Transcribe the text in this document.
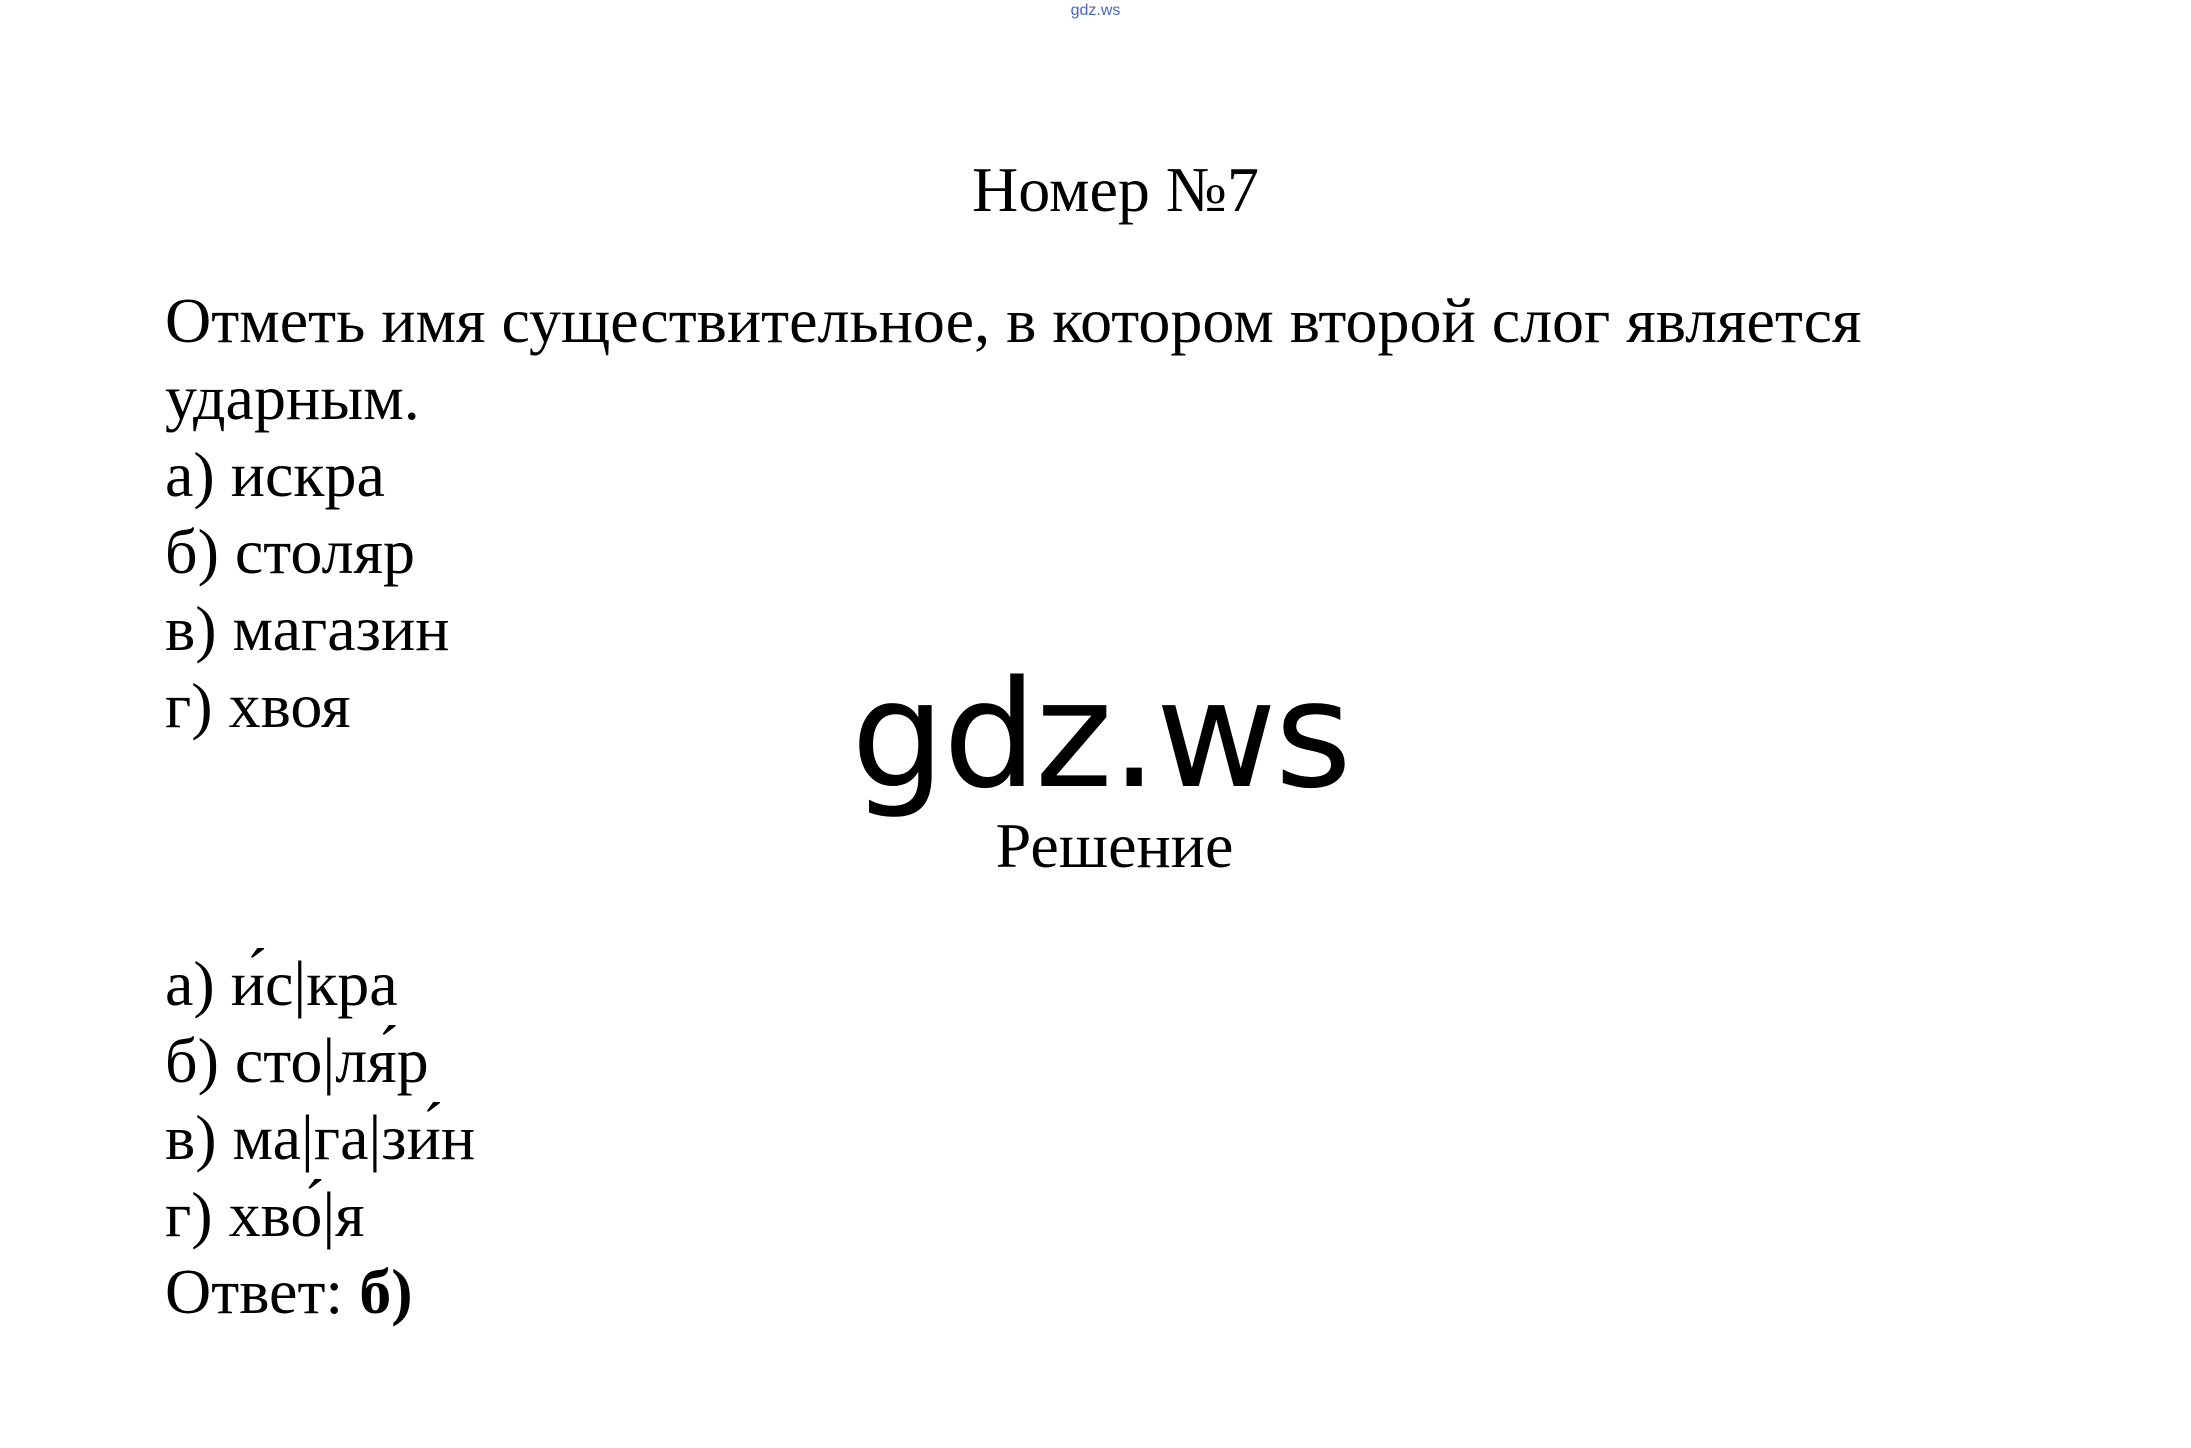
gdz.ws
Номер №7
Отметь имя существительное, в котором второй слог является
ударным.
а) искра
б) столяр
в) магазин
г) хвоя	gdz.ws
Решение
а) и́с|кра
б) сто|ля́р
в) ма|га|зи́н
г) хво́|я
Ответ: б)
